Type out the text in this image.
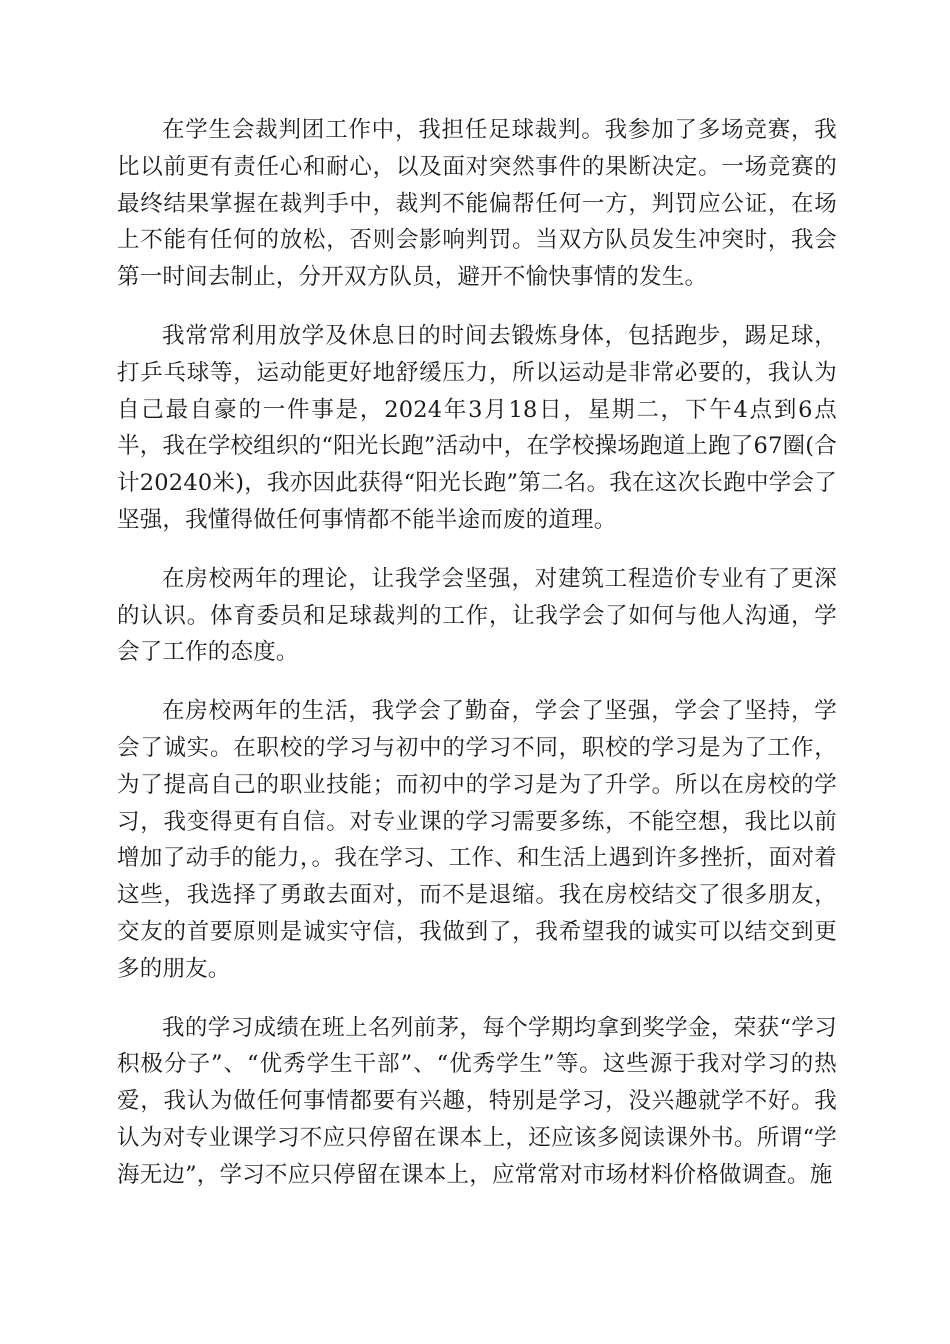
在学生会裁判团工作中，我担任足球裁判。我参加了多场竞赛，我比以前更有责任心和耐心，以及面对突然事件的果断决定。一场竞赛的最终结果掌握在裁判手中，裁判不能偏帮任何一方，判罚应公证，在场上不能有任何的放松，否则会影响判罚。当双方队员发生冲突时，我会第一时间去制止，分开双方队员，避开不愉快事情的发生。

我常常利用放学及休息日的时间去锻炼身体，包括跑步，踢足球，打乒乓球等，运动能更好地舒缓压力，所以运动是非常必要的，我认为自己最自豪的一件事是，2024年3月18日，星期二，下午4点到6点半，我在学校组织的“阳光长跑”活动中，在学校操场跑道上跑了67圈(合计20240米)，我亦因此获得“阳光长跑”第二名。我在这次长跑中学会了坚强，我懂得做任何事情都不能半途而废的道理。

在房校两年的理论，让我学会坚强，对建筑工程造价专业有了更深的认识。体育委员和足球裁判的工作，让我学会了如何与他人沟通，学会了工作的态度。

在房校两年的生活，我学会了勤奋，学会了坚强，学会了坚持，学会了诚实。在职校的学习与初中的学习不同，职校的学习是为了工作，为了提高自己的职业技能；而初中的学习是为了升学。所以在房校的学习，我变得更有自信。对专业课的学习需要多练，不能空想，我比以前增加了动手的能力，。我在学习、工作、和生活上遇到许多挫折，面对着这些，我选择了勇敢去面对，而不是退缩。我在房校结交了很多朋友，交友的首要原则是诚实守信，我做到了，我希望我的诚实可以结交到更多的朋友。

我的学习成绩在班上名列前茅，每个学期均拿到奖学金，荣获“学习积极分子”、“优秀学生干部”、“优秀学生”等。这些源于我对学习的热爱，我认为做任何事情都要有兴趣，特别是学习，没兴趣就学不好。我认为对专业课学习不应只停留在课本上，还应该多阅读课外书。所谓“学海无边”，学习不应只停留在课本上，应常常对市场材料价格做调查。施
